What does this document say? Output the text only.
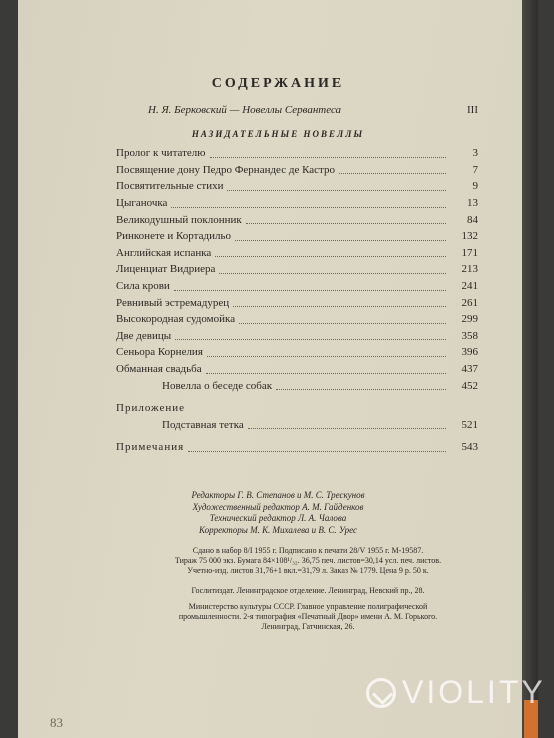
СОДЕРЖАНИЕ
Н. Я. Берковский — Новеллы Сервантеса	III
НАЗИДАТЕЛЬНЫЕ НОВЕЛЛЫ
Пролог к читателю	3
Посвящение дону Педро Фернандес де Кастро	7
Посвятительные стихи	9
Цыганочка	13
Великодушный поклонник	84
Ринконете и Кортадильо	132
Английская испанка	171
Лиценциат Видриера	213
Сила крови	241
Ревнивый эстремадурец	261
Высокородная судомойка	299
Две девицы	358
Сеньора Корнелия	396
Обманная свадьба	437
Новелла о беседе собак	452
Приложение
Подставная тетка	521
Примечания	543
Редакторы Г. В. Степанов и М. С. Трескунов
Художественный редактор А. М. Гайденков
Технический редактор Л. А. Чалова
Корректоры М. К. Михалева и В. С. Урес
Сдано в набор 8/I 1955 г. Подписано к печати 28/V 1955 г. М-19587.
Тираж 75 000 экз. Бумага 84×108¹/₃₂. 36,75 печ. листов=30,14 усл. печ. листов.
Учетно-изд. листов 31,76+1 вкл.=31,79 л. Заказ № 1779. Цена 9 р. 50 к.
Гослитиздат. Ленинградское отделение. Ленинград, Невский пр., 28.
Министерство культуры СССР. Главное управление полиграфической
промышленности. 2-я типография «Печатный Двор» имени А. М. Горького.
Ленинград, Гатчинская, 26.
83
VIOLITY
